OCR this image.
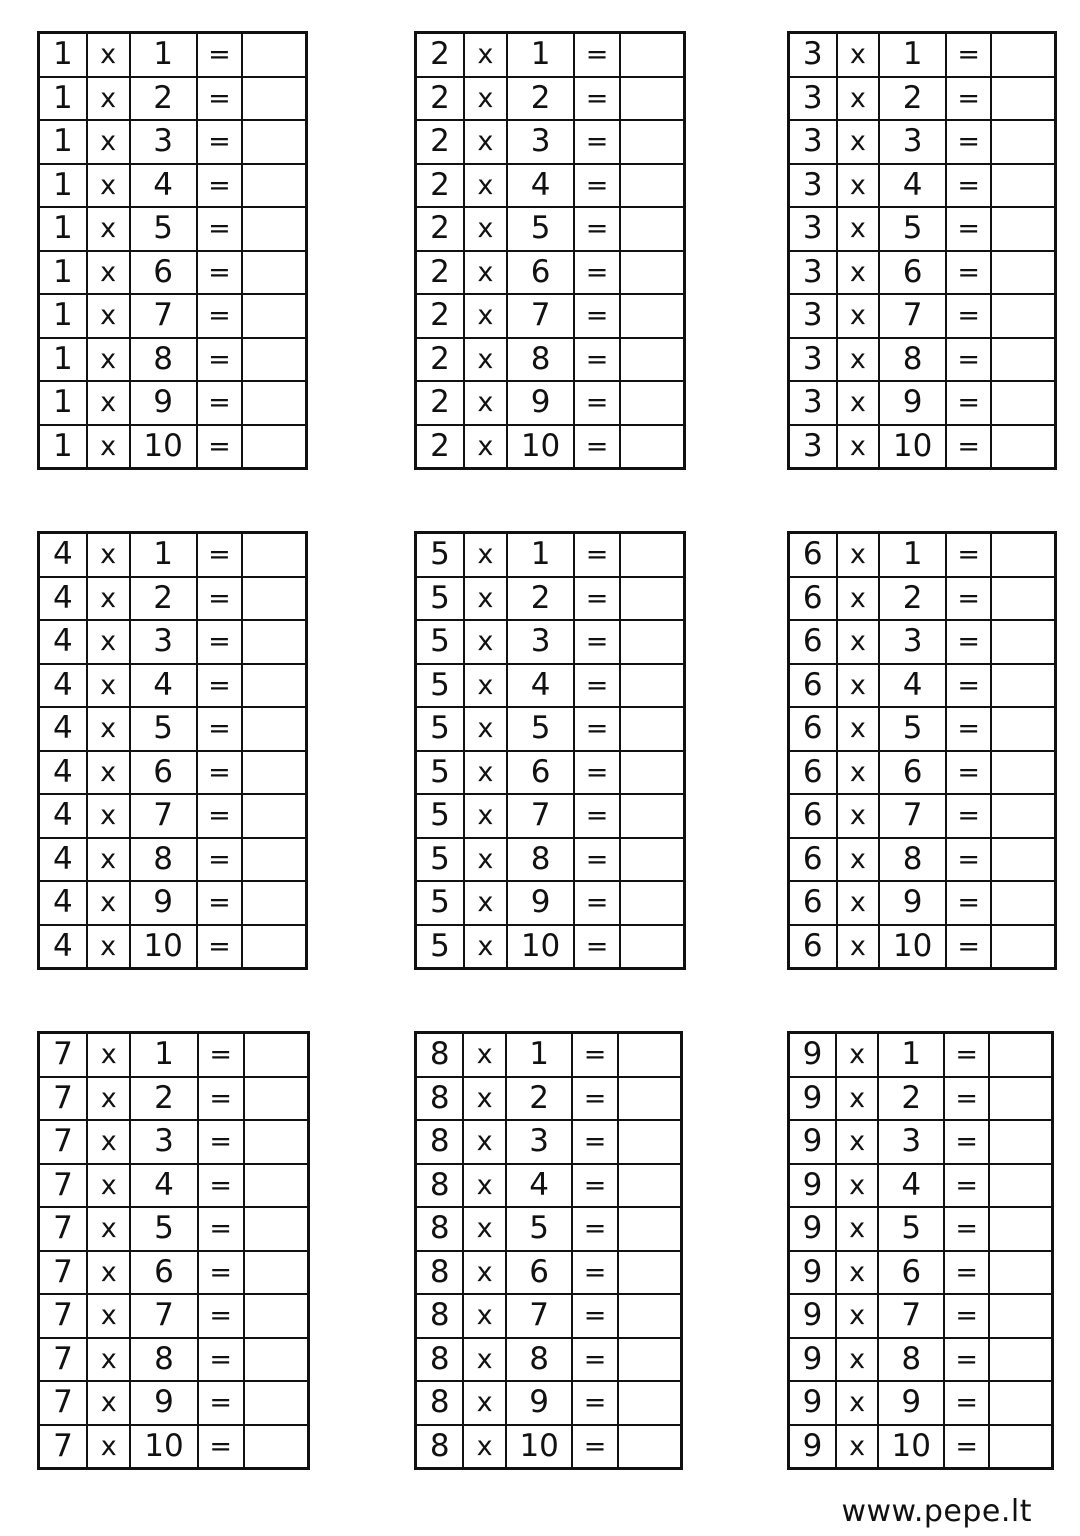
1	x	1	=	
1	x	2	=	
1	x	3	=	
1	x	4	=	
1	x	5	=	
1	x	6	=	
1	x	7	=	
1	x	8	=	
1	x	9	=	
1	x	10	=	
2	x	1	=	
2	x	2	=	
2	x	3	=	
2	x	4	=	
2	x	5	=	
2	x	6	=	
2	x	7	=	
2	x	8	=	
2	x	9	=	
2	x	10	=	
3	x	1	=	
3	x	2	=	
3	x	3	=	
3	x	4	=	
3	x	5	=	
3	x	6	=	
3	x	7	=	
3	x	8	=	
3	x	9	=	
3	x	10	=	
4	x	1	=	
4	x	2	=	
4	x	3	=	
4	x	4	=	
4	x	5	=	
4	x	6	=	
4	x	7	=	
4	x	8	=	
4	x	9	=	
4	x	10	=	
5	x	1	=	
5	x	2	=	
5	x	3	=	
5	x	4	=	
5	x	5	=	
5	x	6	=	
5	x	7	=	
5	x	8	=	
5	x	9	=	
5	x	10	=	
6	x	1	=	
6	x	2	=	
6	x	3	=	
6	x	4	=	
6	x	5	=	
6	x	6	=	
6	x	7	=	
6	x	8	=	
6	x	9	=	
6	x	10	=	
7	x	1	=	
7	x	2	=	
7	x	3	=	
7	x	4	=	
7	x	5	=	
7	x	6	=	
7	x	7	=	
7	x	8	=	
7	x	9	=	
7	x	10	=	
8	x	1	=	
8	x	2	=	
8	x	3	=	
8	x	4	=	
8	x	5	=	
8	x	6	=	
8	x	7	=	
8	x	8	=	
8	x	9	=	
8	x	10	=	
9	x	1	=	
9	x	2	=	
9	x	3	=	
9	x	4	=	
9	x	5	=	
9	x	6	=	
9	x	7	=	
9	x	8	=	
9	x	9	=	
9	x	10	=	
www.pepe.lt
